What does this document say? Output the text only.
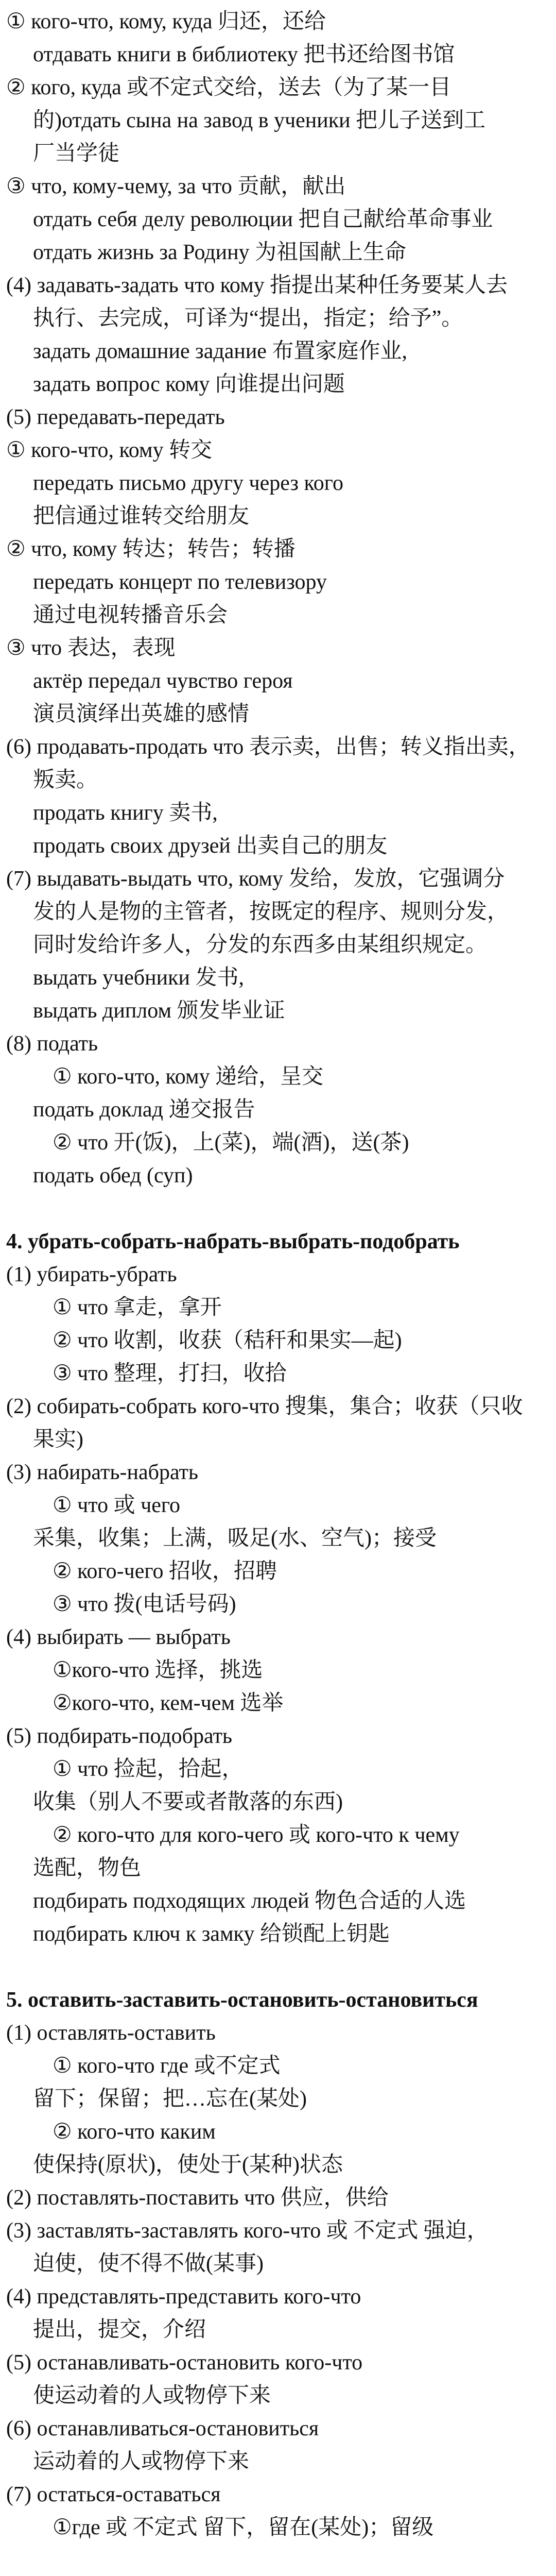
① кого-что, кому, куда 归还，还给
отдавать книги в библиотеку 把书还给图书馆
② кого, куда 或不定式交给，送去（为了某一目
的)отдать сына на завод в ученики 把儿子送到工
厂当学徒
③ что, кому-чему, за что 贡献，献出
отдать себя делу революции 把自己献给革命事业
отдать жизнь за Родину 为祖国献上生命
(4) задавать-задать что кому 指提出某种任务要某人去
执行、去完成，可译为“提出，指定；给予”。
задать домашние задание 布置家庭作业,
задать вопрос кому 向谁提出问题
(5) передавать-передать
① кого-что, кому 转交
передать письмо другу через кого
把信通过谁转交给朋友
② что, кому 转达；转告；转播
передать концерт по телевизору
通过电视转播音乐会
③ что 表达，表现
актёр передал чувство героя
演员演绎出英雄的感情
(6) продавать-продать что 表示卖，出售；转义指出卖，
叛卖。
продать книгу 卖书,
продать своих друзей 出卖自己的朋友
(7) выдавать-выдать что, кому 发给，发放，它强调分
发的人是物的主管者，按既定的程序、规则分发，
同时发给许多人，分发的东西多由某组织规定。
выдать учебники 发书,
выдать диплом 颁发毕业证
(8) подать
① кого-что, кому 递给，呈交
подать доклад 递交报告
② что 开(饭)，上(菜)，端(酒)，送(茶)
подать обед (суп)
4. убрать-собрать-набрать-выбрать-подобрать
(1) убирать-убрать
① что 拿走，拿开
② что 收割，收获（秸秆和果实—起)
③ что 整理，打扫，收拾
(2) собирать-собрать кого-что 搜集，集合；收获（只收
果实)
(3) набирать-набрать
① что 或 чего
采集，收集；上满，吸足(水、空气)；接受
② кого-чего 招收，招聘
③ что 拨(电话号码)
(4) выбирать — выбрать
①кого-что 选择，挑选
②кого-что, кем-чем 选举
(5) подбирать-подобрать
① что 捡起，拾起，
收集（别人不要或者散落的东西)
② кого-что для кого-чего 或 кого-что к чему
选配，物色
подбирать подходящих людей 物色合适的人选
подбирать ключ к замку 给锁配上钥匙
5. оставить-заставить-остановить-остановиться
(1) оставлять-оставить
① кого-что где 或不定式
留下；保留；把…忘在(某处)
② кого-что каким
使保持(原状)，使处于(某种)状态
(2) поставлять-поставить что 供应，供给
(3) заставлять-заставлять кого-что 或 不定式 强迫，
迫使，使不得不做(某事)
(4) представлять-представить кого-что
提出，提交，介绍
(5) останавливать-остановить кого-что
使运动着的人或物停下来
(6) останавливаться-остановиться
运动着的人或物停下来
(7) остаться-оставаться
①где 或 不定式 留下，留在(某处)；留级
